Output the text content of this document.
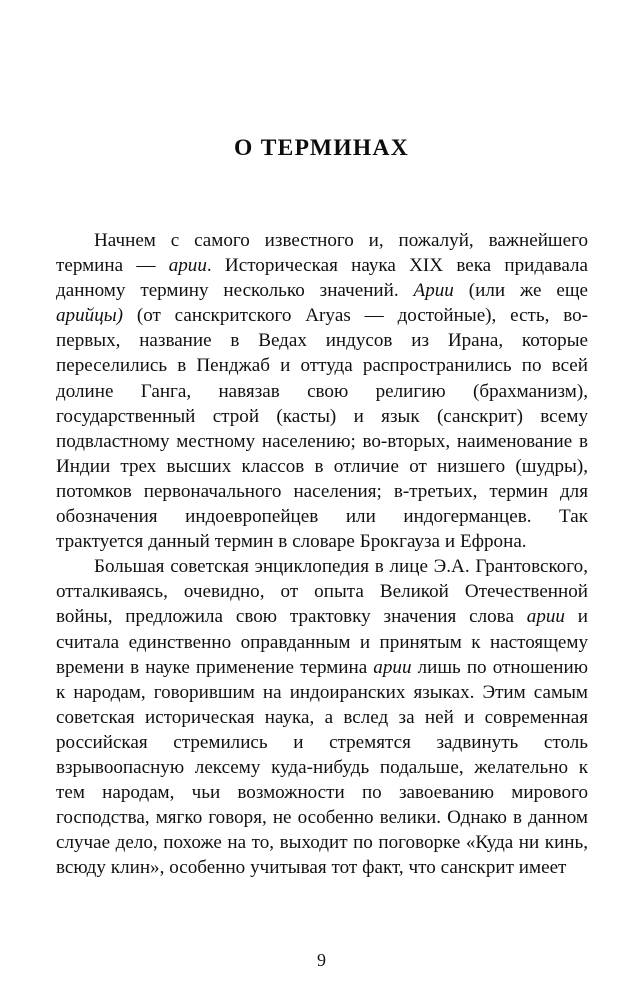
О ТЕРМИНАХ

Начнем с самого известного и, пожалуй, важнейшего термина — арии. Историческая наука XIX века придавала данному термину несколько значений. Арии (или же еще арийцы) (от санскритского Aryas — достойные), есть, во-первых, название в Ведах индусов из Ирана, которые переселились в Пенджаб и оттуда распространились по всей долине Ганга, навязав свою религию (брахманизм), государственный строй (касты) и язык (санскрит) всему подвластному местному населению; во-вторых, наименование в Индии трех высших классов в отличие от низшего (шудры), потомков первоначального населения; в-третьих, термин для обозначения индоевропейцев или индогерманцев. Так трактуется данный термин в словаре Брокгауза и Ефрона.

Большая советская энциклопедия в лице Э.А. Грантовского, отталкиваясь, очевидно, от опыта Великой Отечественной войны, предложила свою трактовку значения слова арии и считала единственно оправданным и принятым к настоящему времени в науке применение термина арии лишь по отношению к народам, говорившим на индоиранских языках. Этим самым советская историческая наука, а вслед за ней и современная российская стремились и стремятся задвинуть столь взрывоопасную лексему куда-нибудь подальше, желательно к тем народам, чьи возможности по завоеванию мирового господства, мягко говоря, не особенно велики. Однако в данном случае дело, похоже на то, выходит по поговорке «Куда ни кинь, всюду клин», особенно учитывая тот факт, что санскрит имеет

9
